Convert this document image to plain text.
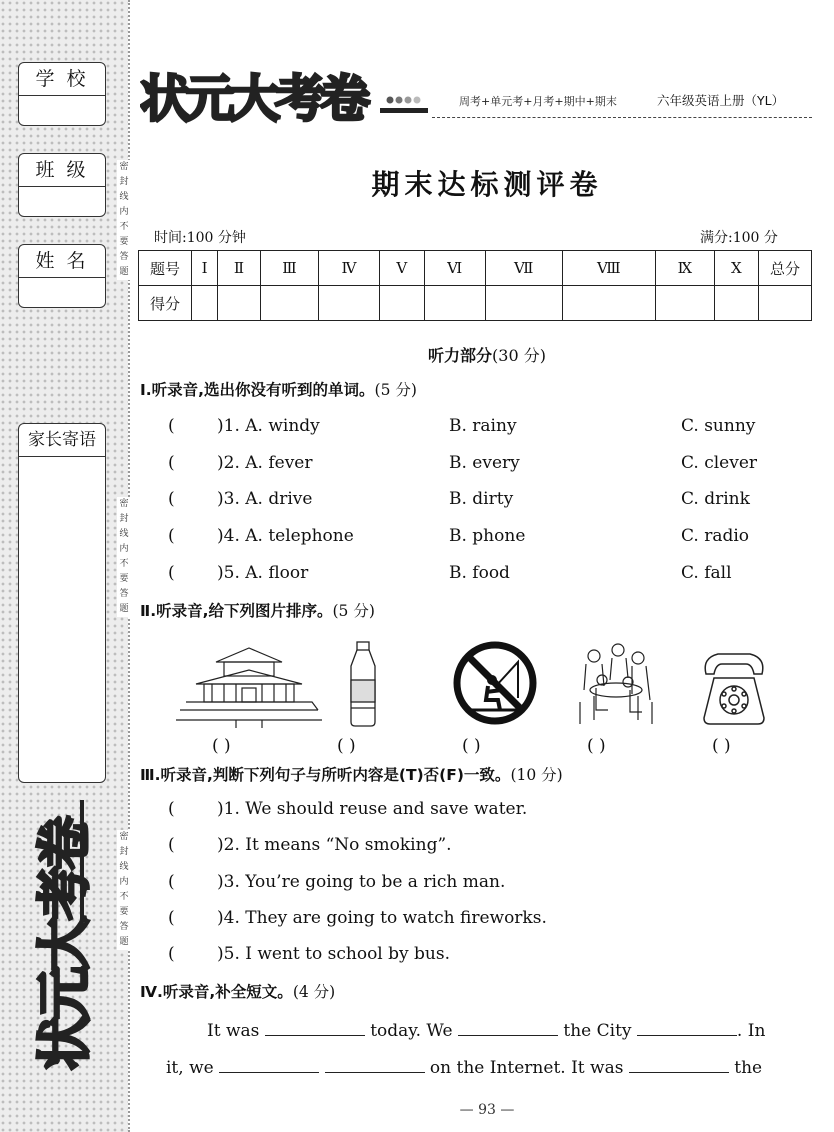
学 校
班 级
姓 名
家长寄语
密
封
线
内
不
要
答
题
密
封
线
内
不
要
答
题
密
封
线
内
不
要
答
题
状元大考卷
状元大考卷	周考+单元考+月考+期中+期末	六年级英语上册（YL）
期末达标测评卷
时间:100 分钟	满分:100 分
题号	Ⅰ	Ⅱ	Ⅲ	Ⅳ	Ⅴ	Ⅵ	Ⅶ	Ⅷ	Ⅸ	Ⅹ	总分
得分											
听力部分(30 分)
Ⅰ.听录音,选出你没有听到的单词。(5 分)
( )1. A. windy	B. rainy	C. sunny
( )2. A. fever	B. every	C. clever
( )3. A. drive	B. dirty	C. drink
( )4. A. telephone	B. phone	C. radio
( )5. A. floor	B. food	C. fall
Ⅱ.听录音,给下列图片排序。(5 分)
( )	( )	( )	( )	( )
Ⅲ.听录音,判断下列句子与所听内容是(T)否(F)一致。(10 分)
( )1. We should reuse and save water.
( )2. It means “No smoking”.
( )3. You’re going to be a rich man.
( )4. They are going to watch fireworks.
( )5. I went to school by bus.
Ⅳ.听录音,补全短文。(4 分)
It was	today. We	the City	. In
it, we	on the Internet. It was	the
— 93 —
